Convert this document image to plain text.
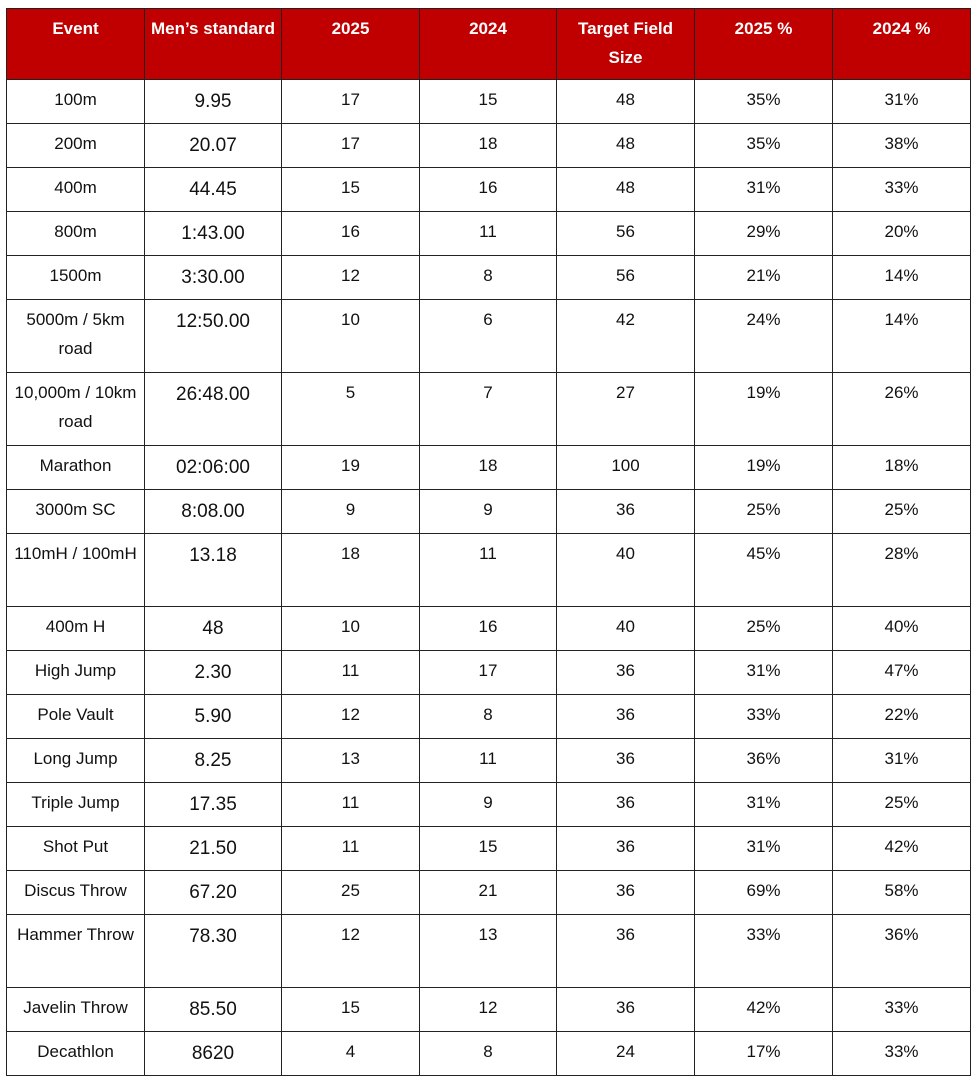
Event	Men’s standard	2025	2024	Target Field Size	2025 %	2024 %
100m	9.95	17	15	48	35%	31%
200m	20.07	17	18	48	35%	38%
400m	44.45	15	16	48	31%	33%
800m	1:43.00	16	11	56	29%	20%
1500m	3:30.00	12	8	56	21%	14%
5000m / 5km road	12:50.00	10	6	42	24%	14%
10,000m / 10km road	26:48.00	5	7	27	19%	26%
Marathon	02:06:00	19	18	100	19%	18%
3000m SC	8:08.00	9	9	36	25%	25%
110mH / 100mH	13.18	18	11	40	45%	28%
400m H	48	10	16	40	25%	40%
High Jump	2.30	11	17	36	31%	47%
Pole Vault	5.90	12	8	36	33%	22%
Long Jump	8.25	13	11	36	36%	31%
Triple Jump	17.35	11	9	36	31%	25%
Shot Put	21.50	11	15	36	31%	42%
Discus Throw	67.20	25	21	36	69%	58%
Hammer Throw	78.30	12	13	36	33%	36%
Javelin Throw	85.50	15	12	36	42%	33%
Decathlon	8620	4	8	24	17%	33%
